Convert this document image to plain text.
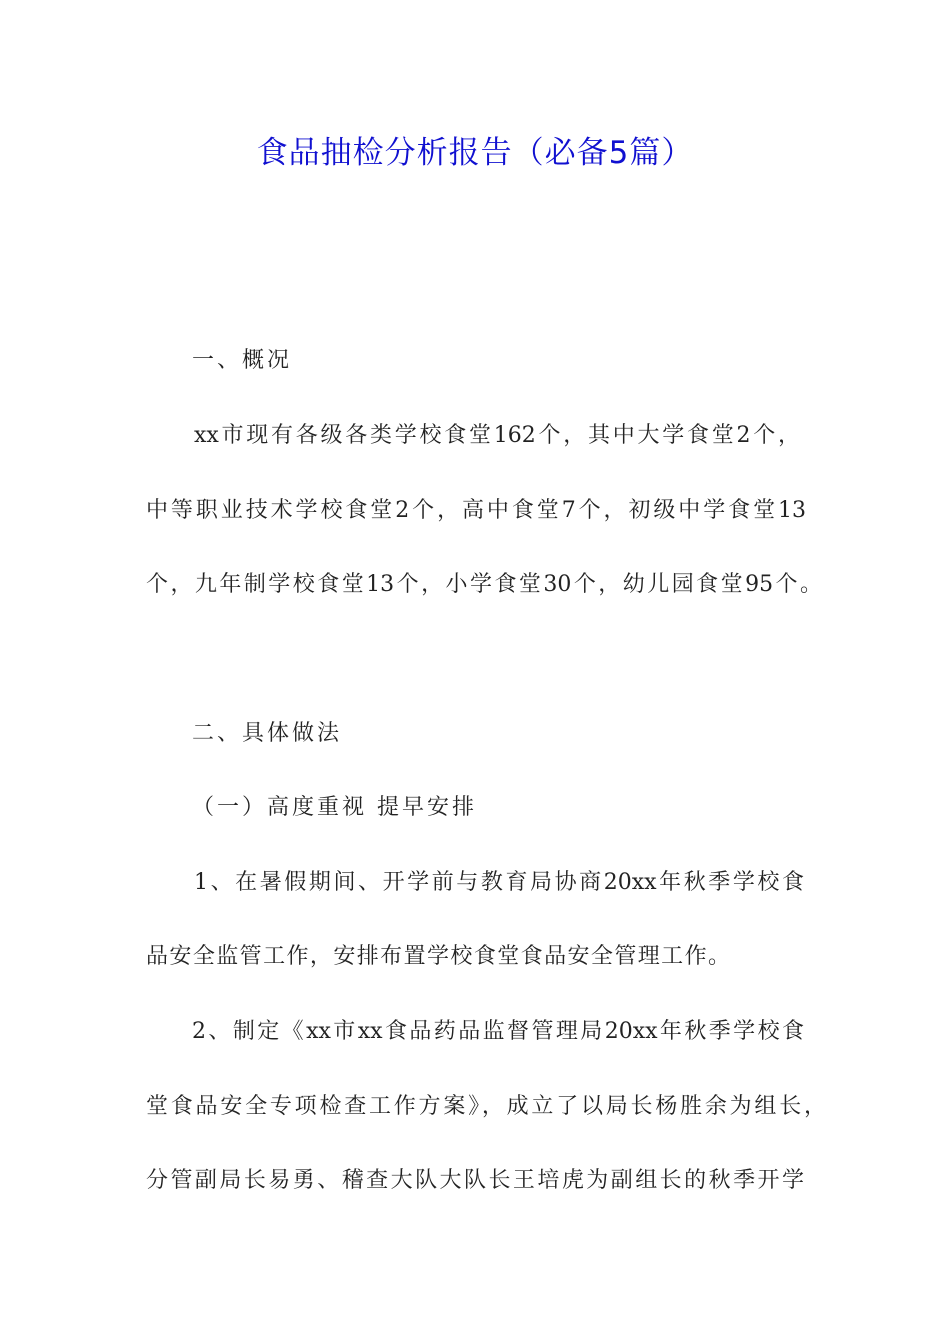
食品抽检分析报告（必备5篇）
一、概况
xx市现有各级各类学校食堂162个，其中大学食堂2个，
中等职业技术学校食堂2个，高中食堂7个，初级中学食堂13
个，九年制学校食堂13个，小学食堂30个，幼儿园食堂95个。
二、具体做法
（一）高度重视 提早安排
1、在暑假期间、开学前与教育局协商20xx年秋季学校食
品安全监管工作，安排布置学校食堂食品安全管理工作。
2、制定《xx市xx食品药品监督管理局20xx年秋季学校食
堂食品安全专项检查工作方案》，成立了以局长杨胜余为组长，
分管副局长易勇、稽查大队大队长王培虎为副组长的秋季开学
